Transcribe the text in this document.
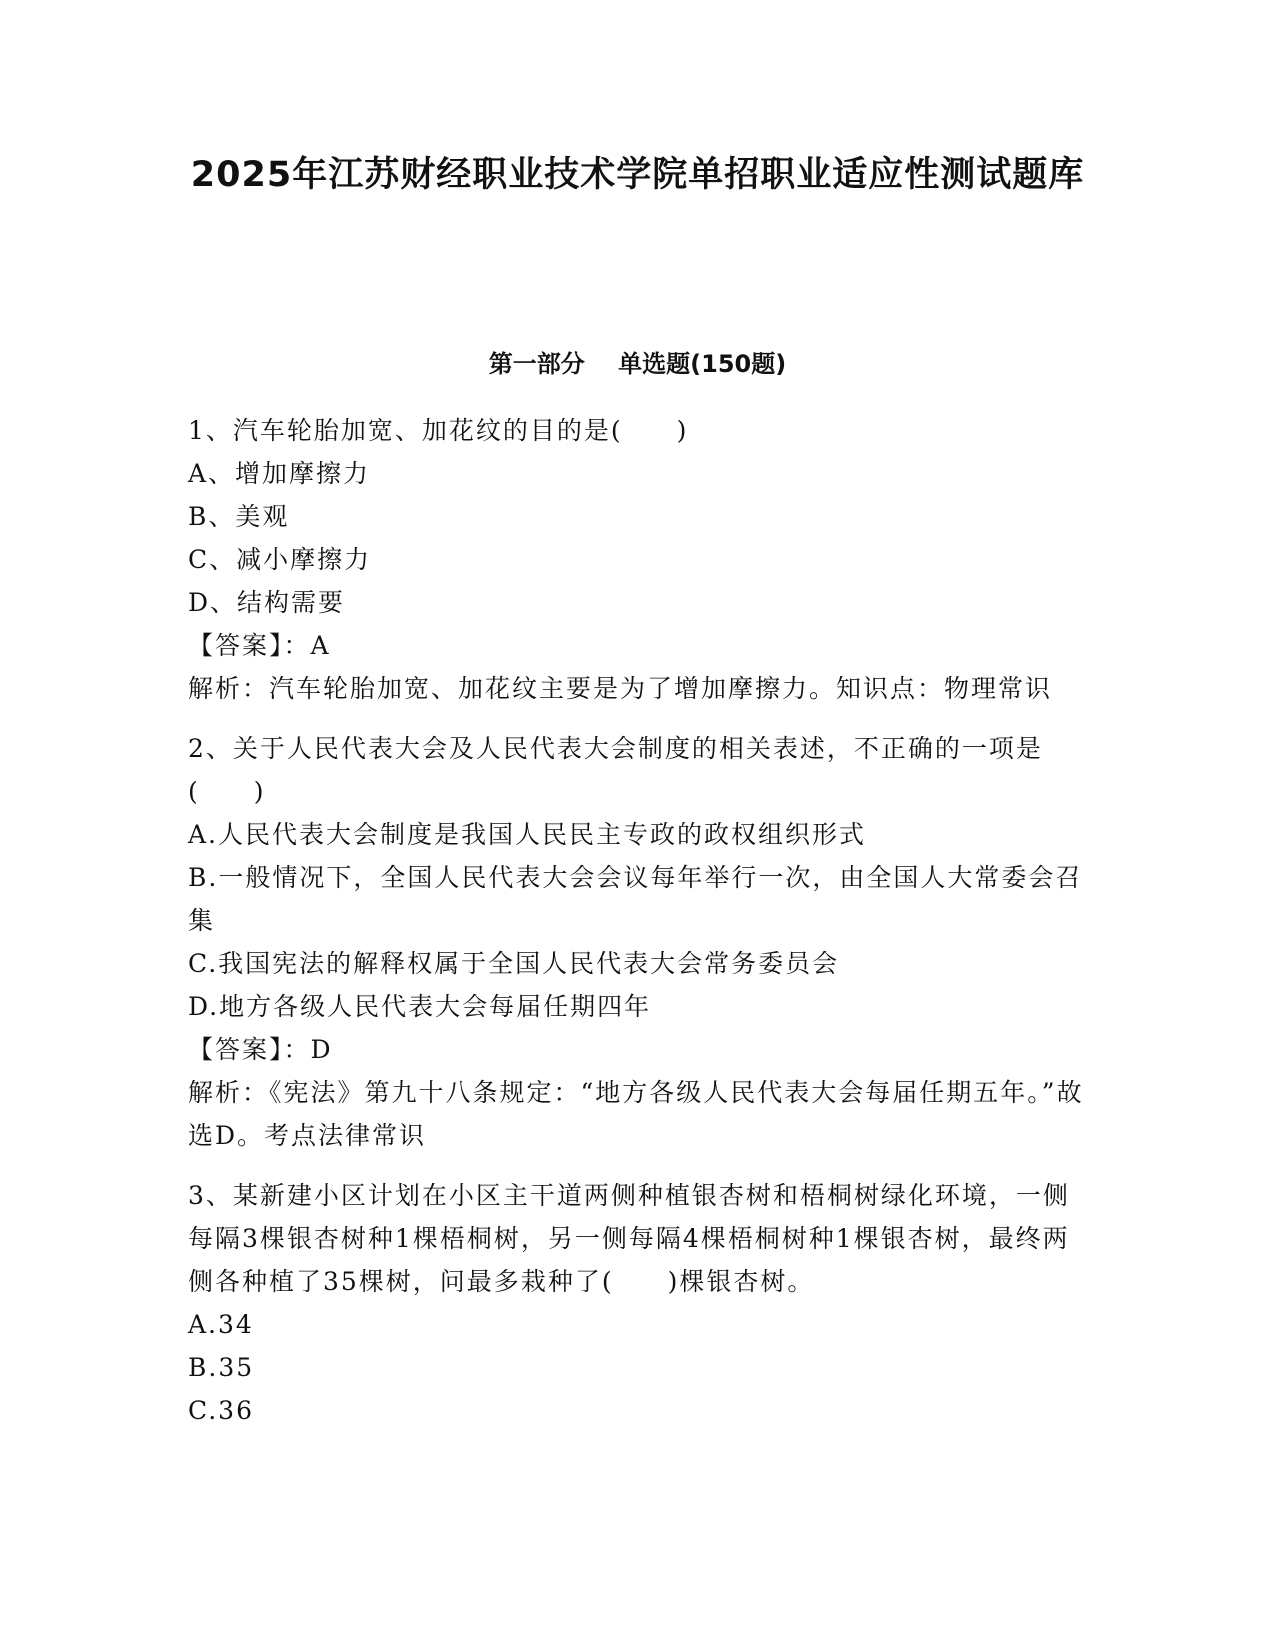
2025年江苏财经职业技术学院单招职业适应性测试题库
第一部分    单选题(150题)

1、汽车轮胎加宽、加花纹的目的是(　　)

A、增加摩擦力

B、美观

C、减小摩擦力

D、结构需要

【答案】：A

解析：汽车轮胎加宽、加花纹主要是为了增加摩擦力。知识点：物理常识

2、关于人民代表大会及人民代表大会制度的相关表述，不正确的一项是(　　)

A.人民代表大会制度是我国人民民主专政的政权组织形式

B.一般情况下，全国人民代表大会会议每年举行一次，由全国人大常委会召集

C.我国宪法的解释权属于全国人民代表大会常务委员会

D.地方各级人民代表大会每届任期四年

【答案】：D

解析：《宪法》第九十八条规定：“地方各级人民代表大会每届任期五年。”故选D。考点法律常识

3、某新建小区计划在小区主干道两侧种植银杏树和梧桐树绿化环境，一侧每隔3棵银杏树种1棵梧桐树，另一侧每隔4棵梧桐树种1棵银杏树，最终两侧各种植了35棵树，问最多栽种了(　　)棵银杏树。

A.34

B.35

C.36
